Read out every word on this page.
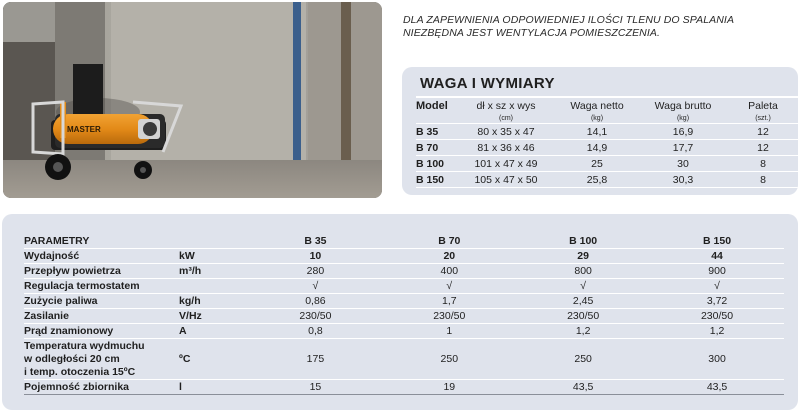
MASTER
DLA ZAPEWNIENIA ODPOWIEDNIEJ ILOŚCI TLENU DO SPALANIA
NIEZBĘDNA JEST WENTYLACJA POMIESZCZENIA.
WAGA I WYMIARY
Model	dł x sz x wys	Waga netto	Waga brutto	Paleta
	(cm)	(kg)	(kg)	(szt.)
B 35	80 x 35 x 47	14,1	16,9	12
B 70	81 x 36 x 46	14,9	17,7	12
B 100	101 x 47 x 49	25	30	8
B 150	105 x 47 x 50	25,8	30,3	8
PARAMETRY		B 35	B 70	B 100	B 150
Wydajność	kW	10	20	29	44
Przepływ powietrza	m³/h	280	400	800	900
Regulacja termostatem		√	√	√	√
Zużycie paliwa	kg/h	0,86	1,7	2,45	3,72
Zasilanie	V/Hz	230/50	230/50	230/50	230/50
Prąd znamionowy	A	0,8	1	1,2	1,2

Temperatura wydmuchu
w odległości 20 cm
i temp. otoczenia 15ºC	ºC	175	250	250	300
Pojemność zbiornika	l	15	19	43,5	43,5
